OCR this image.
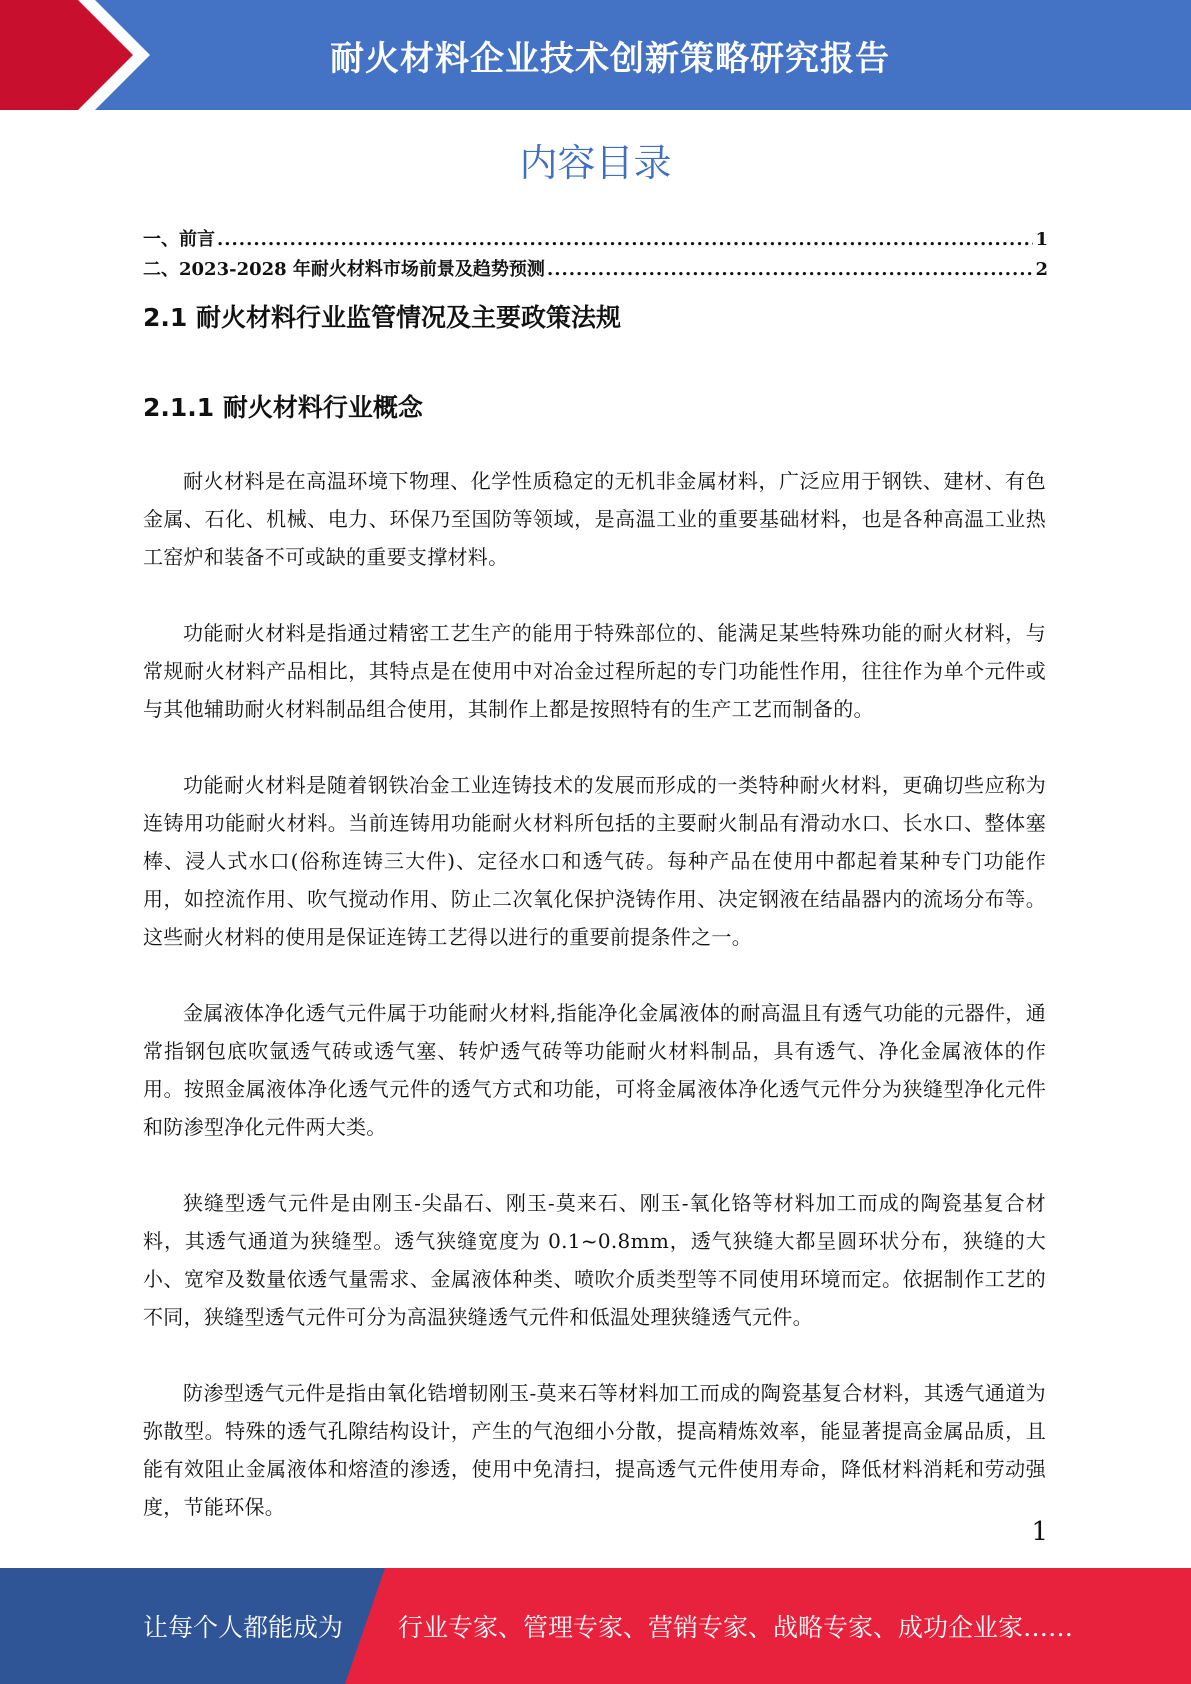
耐火材料企业技术创新策略研究报告
内容目录
一、前言 .....	1
二、2023-2028 年耐火材料市场前景及趋势预测 .....	2
2.1 耐火材料行业监管情况及主要政策法规
2.1.1 耐火材料行业概念

耐火材料是在高温环境下物理、化学性质稳定的无机非金属材料，广泛应用于钢铁、建材、有色金属、石化、机械、电力、环保乃至国防等领域，是高温工业的重要基础材料，也是各种高温工业热工窑炉和装备不可或缺的重要支撑材料。

功能耐火材料是指通过精密工艺生产的能用于特殊部位的、能满足某些特殊功能的耐火材料，与常规耐火材料产品相比，其特点是在使用中对冶金过程所起的专门功能性作用，往往作为单个元件或与其他辅助耐火材料制品组合使用，其制作上都是按照特有的生产工艺而制备的。

功能耐火材料是随着钢铁冶金工业连铸技术的发展而形成的一类特种耐火材料，更确切些应称为连铸用功能耐火材料。当前连铸用功能耐火材料所包括的主要耐火制品有滑动水口、长水口、整体塞棒、浸人式水口(俗称连铸三大件)、定径水口和透气砖。每种产品在使用中都起着某种专门功能作用，如控流作用、吹气搅动作用、防止二次氧化保护浇铸作用、决定钢液在结晶器内的流场分布等。这些耐火材料的使用是保证连铸工艺得以进行的重要前提条件之一。

金属液体净化透气元件属于功能耐火材料,指能净化金属液体的耐高温且有透气功能的元器件，通常指钢包底吹氩透气砖或透气塞、转炉透气砖等功能耐火材料制品，具有透气、净化金属液体的作用。按照金属液体净化透气元件的透气方式和功能，可将金属液体净化透气元件分为狭缝型净化元件和防渗型净化元件两大类。

狭缝型透气元件是由刚玉-尖晶石、刚玉-莫来石、刚玉-氧化铬等材料加工而成的陶瓷基复合材料，其透气通道为狭缝型。透气狭缝宽度为 0.1~0.8mm，透气狭缝大都呈圆环状分布，狭缝的大小、宽窄及数量依透气量需求、金属液体种类、喷吹介质类型等不同使用环境而定。依据制作工艺的不同，狭缝型透气元件可分为高温狭缝透气元件和低温处理狭缝透气元件。

防渗型透气元件是指由氧化锆增韧刚玉-莫来石等材料加工而成的陶瓷基复合材料，其透气通道为弥散型。特殊的透气孔隙结构设计，产生的气泡细小分散，提高精炼效率，能显著提高金属品质，且能有效阻止金属液体和熔渣的渗透，使用中免清扫，提高透气元件使用寿命，降低材料消耗和劳动强度，节能环保。

1
让每个人都能成为 行业专家、管理专家、营销专家、战略专家、成功企业家……
